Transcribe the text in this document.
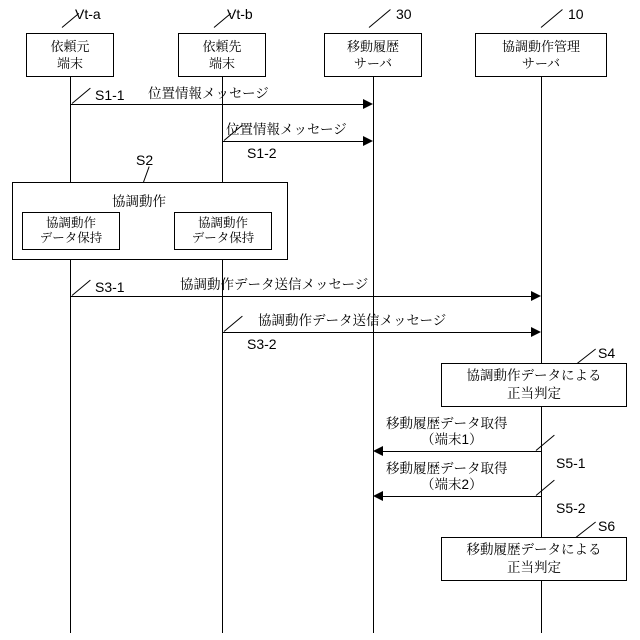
Vt-a	Vt-b	30	10
依頼元
端末
依頼先
端末
移動履歴
サーバ
協調動作管理
サーバ
位置情報メッセージ
S1-1
位置情報メッセージ
S1-2
S2
協調動作
協調動作
データ保持
協調動作
データ保持
協調動作データ送信メッセージ
S3-1
協調動作データ送信メッセージ
S3-2
S4
協調動作データによる
正当判定
移動履歴データ取得
（端末1）
S5-1
移動履歴データ取得
（端末2）
S5-2
S6
移動履歴データによる
正当判定
